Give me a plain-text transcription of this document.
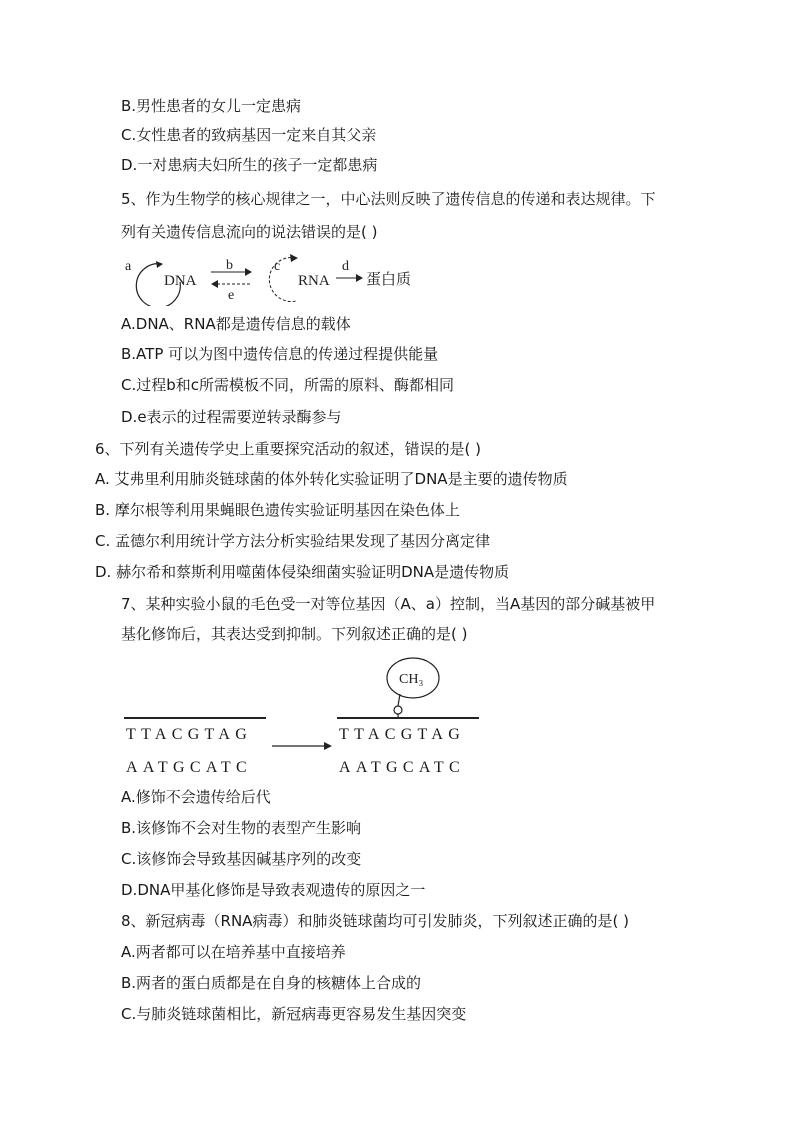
B.男性患者的女儿一定患病
C.女性患者的致病基因一定来自其父亲
D.一对患病夫妇所生的孩子一定都患病
5、作为生物学的核心规律之一，中心法则反映了遗传信息的传递和表达规律。下
列有关遗传信息流向的说法错误的是( )
a
DNA
b
e
c
RNA
d
蛋白质
A.DNA、RNA都是遗传信息的载体
B.ATP 可以为图中遗传信息的传递过程提供能量
C.过程b和c所需模板不同，所需的原料、酶都相同
D.e表示的过程需要逆转录酶参与
6、下列有关遗传学史上重要探究活动的叙述，错误的是( )
A. 艾弗里利用肺炎链球菌的体外转化实验证明了DNA是主要的遗传物质
B. 摩尔根等利用果蝇眼色遗传实验证明基因在染色体上
C. 孟德尔利用统计学方法分析实验结果发现了基因分离定律
D. 赫尔希和蔡斯利用噬菌体侵染细菌实验证明DNA是遗传物质
7、某种实验小鼠的毛色受一对等位基因（A、a）控制，当A基因的部分碱基被甲
基化修饰后，其表达受到抑制。下列叙述正确的是( )
TTACGTAG
AATGCATC
CH₃
TTACGTAG
AATGCATC
A.修饰不会遗传给后代
B.该修饰不会对生物的表型产生影响
C.该修饰会导致基因碱基序列的改变
D.DNA甲基化修饰是导致表观遗传的原因之一
8、新冠病毒（RNA病毒）和肺炎链球菌均可引发肺炎，下列叙述正确的是( )
A.两者都可以在培养基中直接培养
B.两者的蛋白质都是在自身的核糖体上合成的
C.与肺炎链球菌相比，新冠病毒更容易发生基因突变
